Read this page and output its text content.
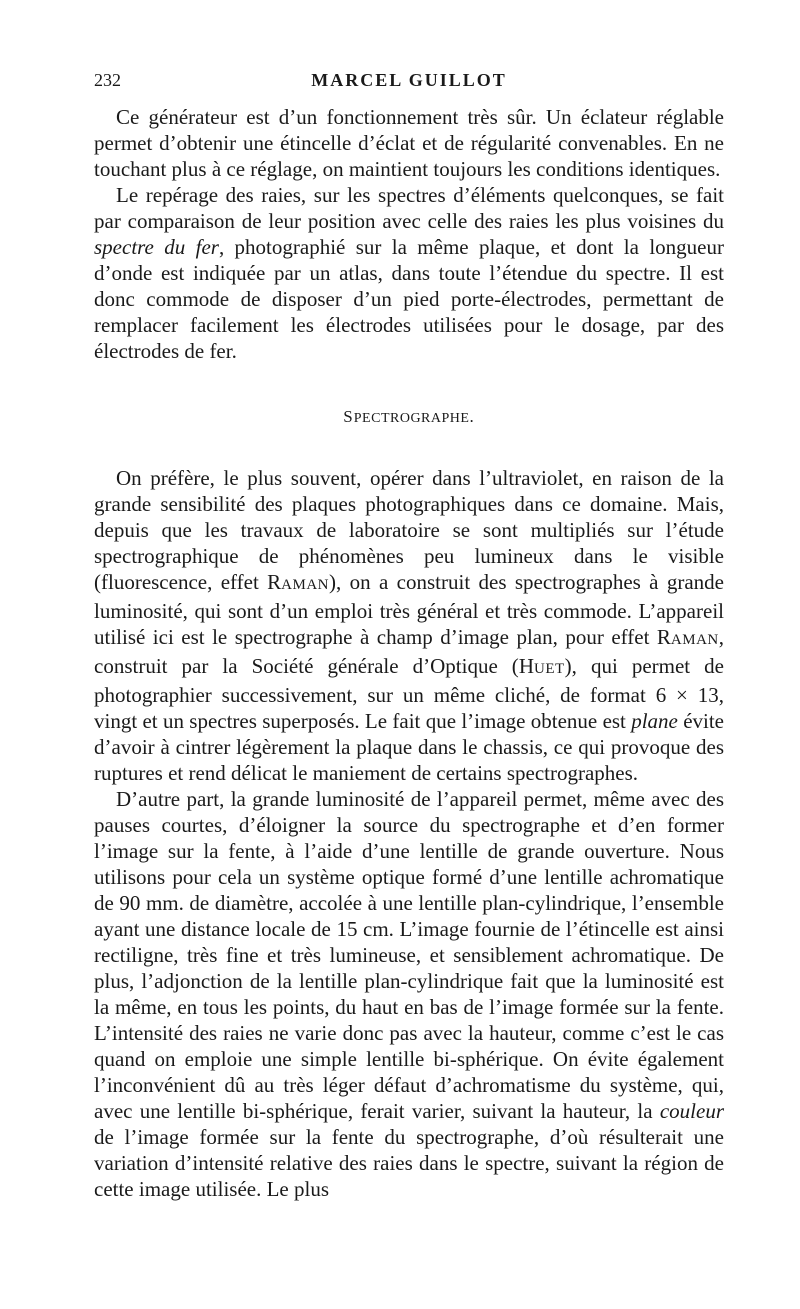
232	MARCEL GUILLOT

Ce générateur est d’un fonctionnement très sûr. Un éclateur réglable permet d’obtenir une étincelle d’éclat et de régularité convenables. En ne touchant plus à ce réglage, on maintient toujours les conditions identiques.

Le repérage des raies, sur les spectres d’éléments quelconques, se fait par comparaison de leur position avec celle des raies les plus voisines du spectre du fer, photographié sur la même plaque, et dont la longueur d’onde est indiquée par un atlas, dans toute l’étendue du spectre. Il est donc commode de disposer d’un pied porte-électrodes, permettant de remplacer facilement les électrodes utilisées pour le dosage, par des électrodes de fer.

SPECTROGRAPHE.

On préfère, le plus souvent, opérer dans l’ultraviolet, en raison de la grande sensibilité des plaques photographiques dans ce domaine. Mais, depuis que les travaux de laboratoire se sont multipliés sur l’étude spectrographique de phénomènes peu lumineux dans le visible (fluorescence, effet RAMAN), on a construit des spectrographes à grande luminosité, qui sont d’un emploi très général et très commode. L’appareil utilisé ici est le spectrographe à champ d’image plan, pour effet RAMAN, construit par la Société générale d’Optique (HUET), qui permet de photographier successivement, sur un même cliché, de format 6 × 13, vingt et un spectres superposés. Le fait que l’image obtenue est plane évite d’avoir à cintrer légèrement la plaque dans le chassis, ce qui provoque des ruptures et rend délicat le maniement de certains spectrographes.

D’autre part, la grande luminosité de l’appareil permet, même avec des pauses courtes, d’éloigner la source du spectrographe et d’en former l’image sur la fente, à l’aide d’une lentille de grande ouverture. Nous utilisons pour cela un système optique formé d’une lentille achromatique de 90 mm. de diamètre, accolée à une lentille plan-cylindrique, l’ensemble ayant une distance locale de 15 cm. L’image fournie de l’étincelle est ainsi rectiligne, très fine et très lumineuse, et sensiblement achromatique. De plus, l’adjonction de la lentille plan-cylindrique fait que la luminosité est la même, en tous les points, du haut en bas de l’image formée sur la fente. L’intensité des raies ne varie donc pas avec la hauteur, comme c’est le cas quand on emploie une simple lentille bi-sphérique. On évite également l’inconvénient dû au très léger défaut d’achromatisme du système, qui, avec une lentille bi-sphérique, ferait varier, suivant la hauteur, la couleur de l’image formée sur la fente du spectrographe, d’où résulterait une variation d’intensité relative des raies dans le spectre, suivant la région de cette image utilisée. Le plus
